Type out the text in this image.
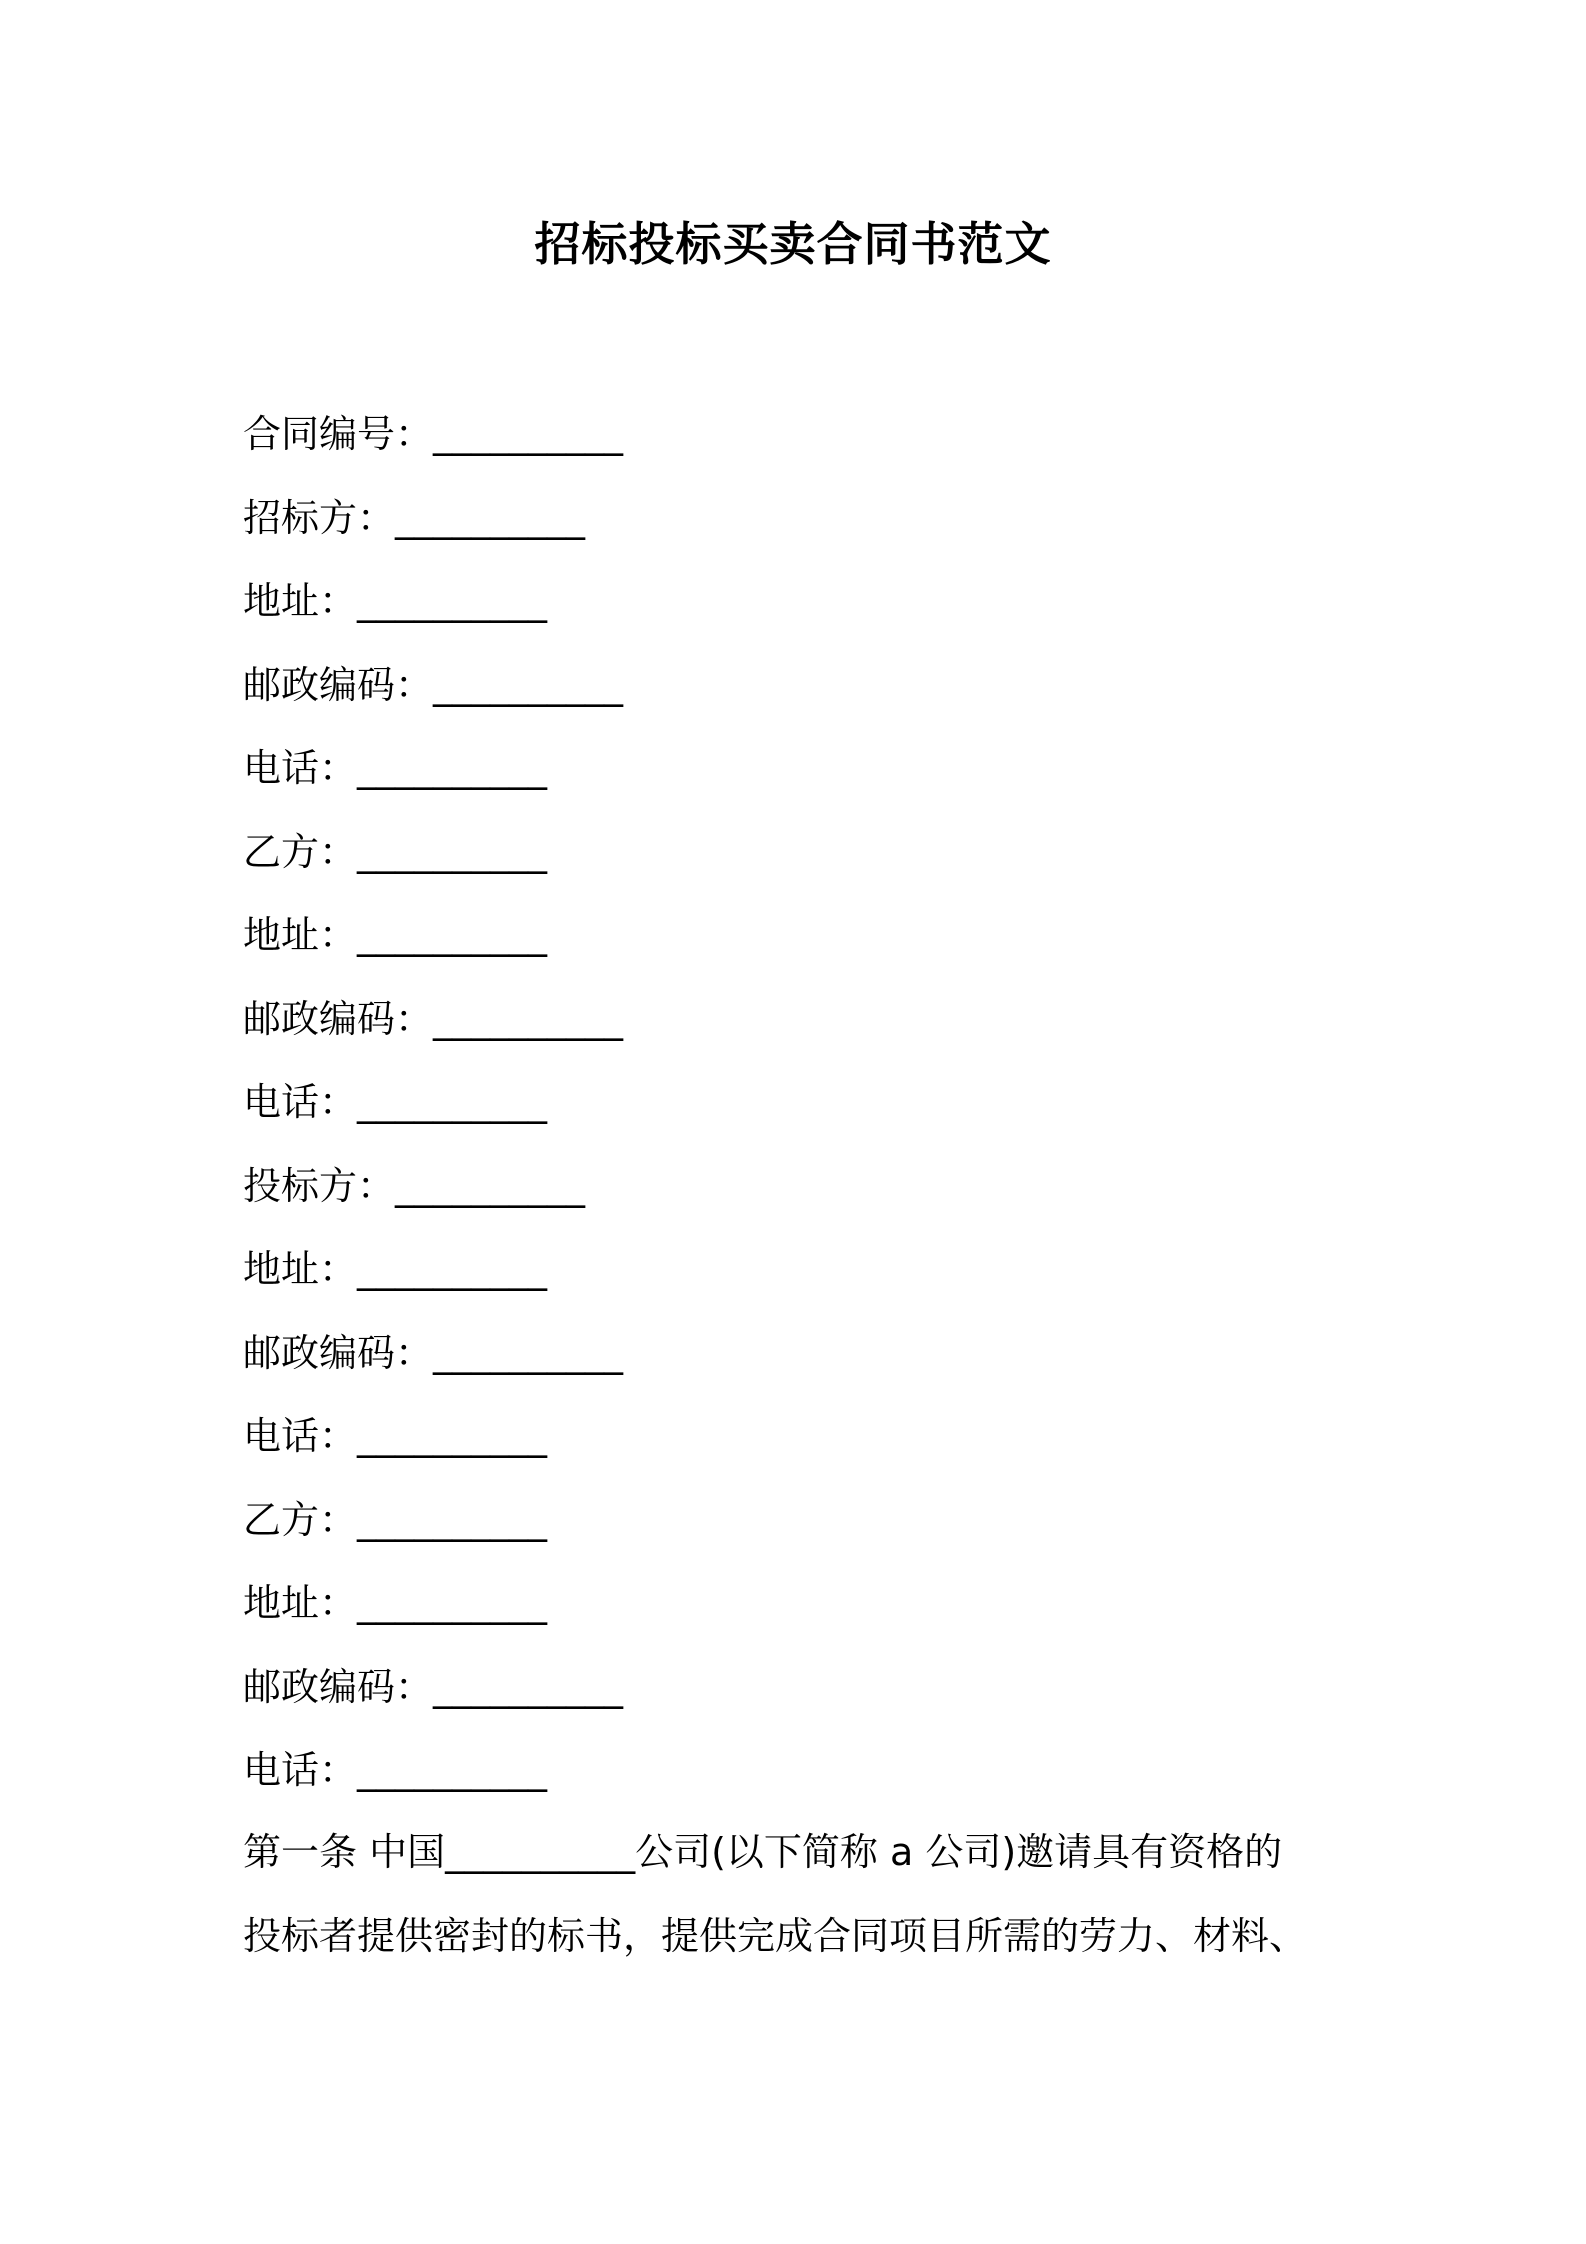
招标投标买卖合同书范文
合同编号：__________
招标方：__________
地址：__________
邮政编码：__________
电话：__________
乙方：__________
地址：__________
邮政编码：__________
电话：__________
投标方：__________
地址：__________
邮政编码：__________
电话：__________
乙方：__________
地址：__________
邮政编码：__________
电话：__________
第一条 中国__________公司(以下简称 a 公司)邀请具有资格的
投标者提供密封的标书，提供完成合同项目所需的劳力、材料、
